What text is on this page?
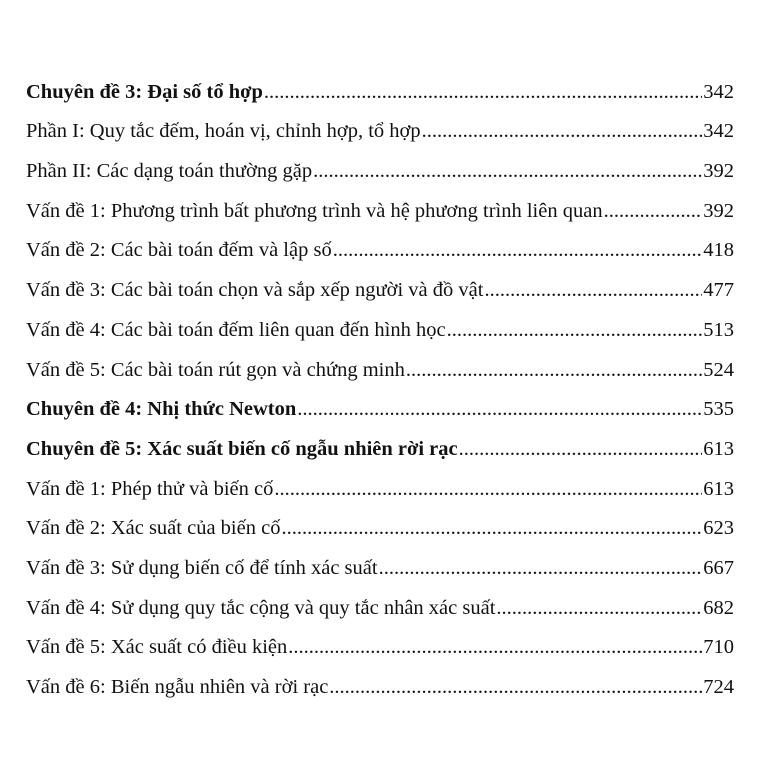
Chuyên đề 3: Đại số tổ hợp .....	342
Phần I: Quy tắc đếm, hoán vị, chỉnh hợp, tổ hợp .....	342
Phần II: Các dạng toán thường gặp .....	392
Vấn đề 1: Phương trình bất phương trình và hệ phương trình liên quan .....	392
Vấn đề 2: Các bài toán đếm và lập số .....	418
Vấn đề 3: Các bài toán chọn và sắp xếp người và đồ vật .....	477
Vấn đề 4: Các bài toán đếm liên quan đến hình học .....	513
Vấn đề 5: Các bài toán rút gọn và chứng minh .....	524
Chuyên đề 4: Nhị thức Newton .....	535
Chuyên đề 5: Xác suất biến cố ngẫu nhiên rời rạc .....	613
Vấn đề 1: Phép thử và biến cố .....	613
Vấn đề 2: Xác suất của biến cố .....	623
Vấn đề 3: Sử dụng biến cố để tính xác suất .....	667
Vấn đề 4: Sử dụng quy tắc cộng và quy tắc nhân xác suất .....	682
Vấn đề 5: Xác suất có điều kiện .....	710
Vấn đề 6: Biến ngẫu nhiên và rời rạc .....	724
